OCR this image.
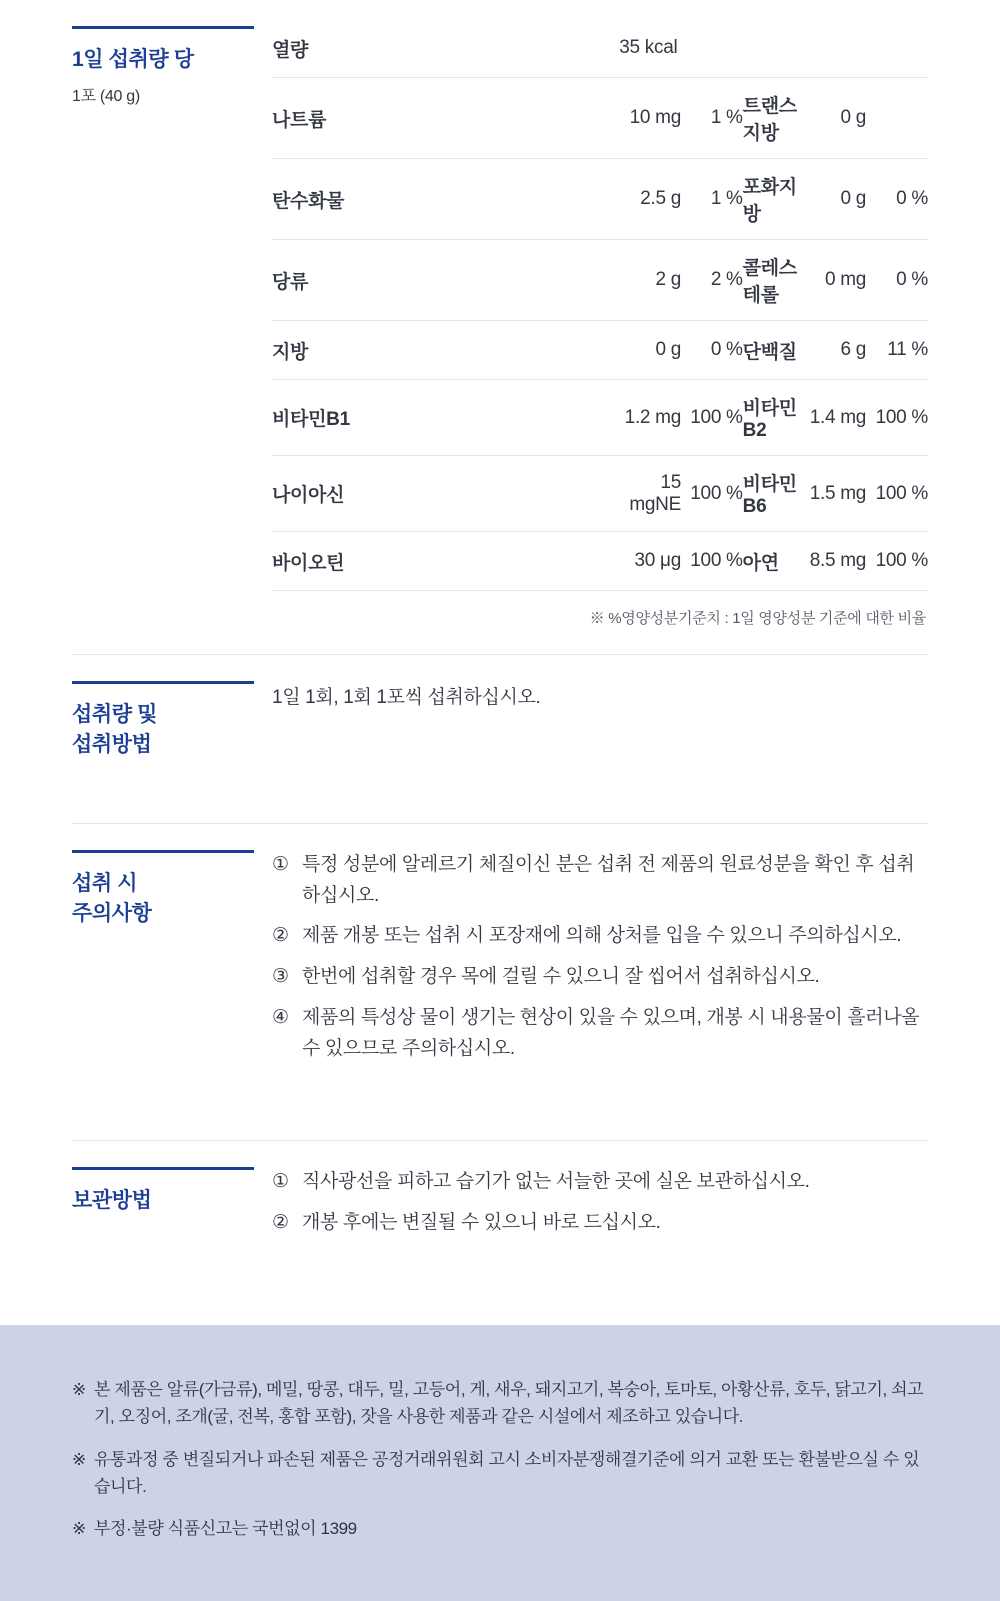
1일 섭취량 당
1포 (40 g)
열량	35 kcal				
나트륨	10 mg	1 %	트랜스지방	0 g	
탄수화물	2.5 g	1 %	포화지방	0 g	0 %
당류	2 g	2 %	콜레스테롤	0 mg	0 %
지방	0 g	0 %	단백질	6 g	11 %
비타민B1	1.2 mg	100 %	비타민B2	1.4 mg	100 %
나이아신	15 mgNE	100 %	비타민B6	1.5 mg	100 %
바이오틴	30 μg	100 %	아연	8.5 mg	100 %
※ %영양성분기준치 : 1일 영양성분 기준에 대한 비율
섭취량 및
섭취방법
1일 1회, 1회 1포씩 섭취하십시오.
섭취 시
주의사항
① 특정 성분에 알레르기 체질이신 분은 섭취 전 제품의 원료성분을 확인 후 섭취하십시오.
② 제품 개봉 또는 섭취 시 포장재에 의해 상처를 입을 수 있으니 주의하십시오.
③ 한번에 섭취할 경우 목에 걸릴 수 있으니 잘 씹어서 섭취하십시오.
④ 제품의 특성상 물이 생기는 현상이 있을 수 있으며, 개봉 시 내용물이 흘러나올 수 있으므로 주의하십시오.
보관방법
① 직사광선을 피하고 습기가 없는 서늘한 곳에 실온 보관하십시오.
② 개봉 후에는 변질될 수 있으니 바로 드십시오.
※ 본 제품은 알류(가금류), 메밀, 땅콩, 대두, 밀, 고등어, 게, 새우, 돼지고기, 복숭아, 토마토, 아황산류, 호두, 닭고기, 쇠고기, 오징어, 조개(굴, 전복, 홍합 포함), 잣을 사용한 제품과 같은 시설에서 제조하고 있습니다.
※ 유통과정 중 변질되거나 파손된 제품은 공정거래위원회 고시 소비자분쟁해결기준에 의거 교환 또는 환불받으실 수 있습니다.
※ 부정·불량 식품신고는 국번없이 1399
